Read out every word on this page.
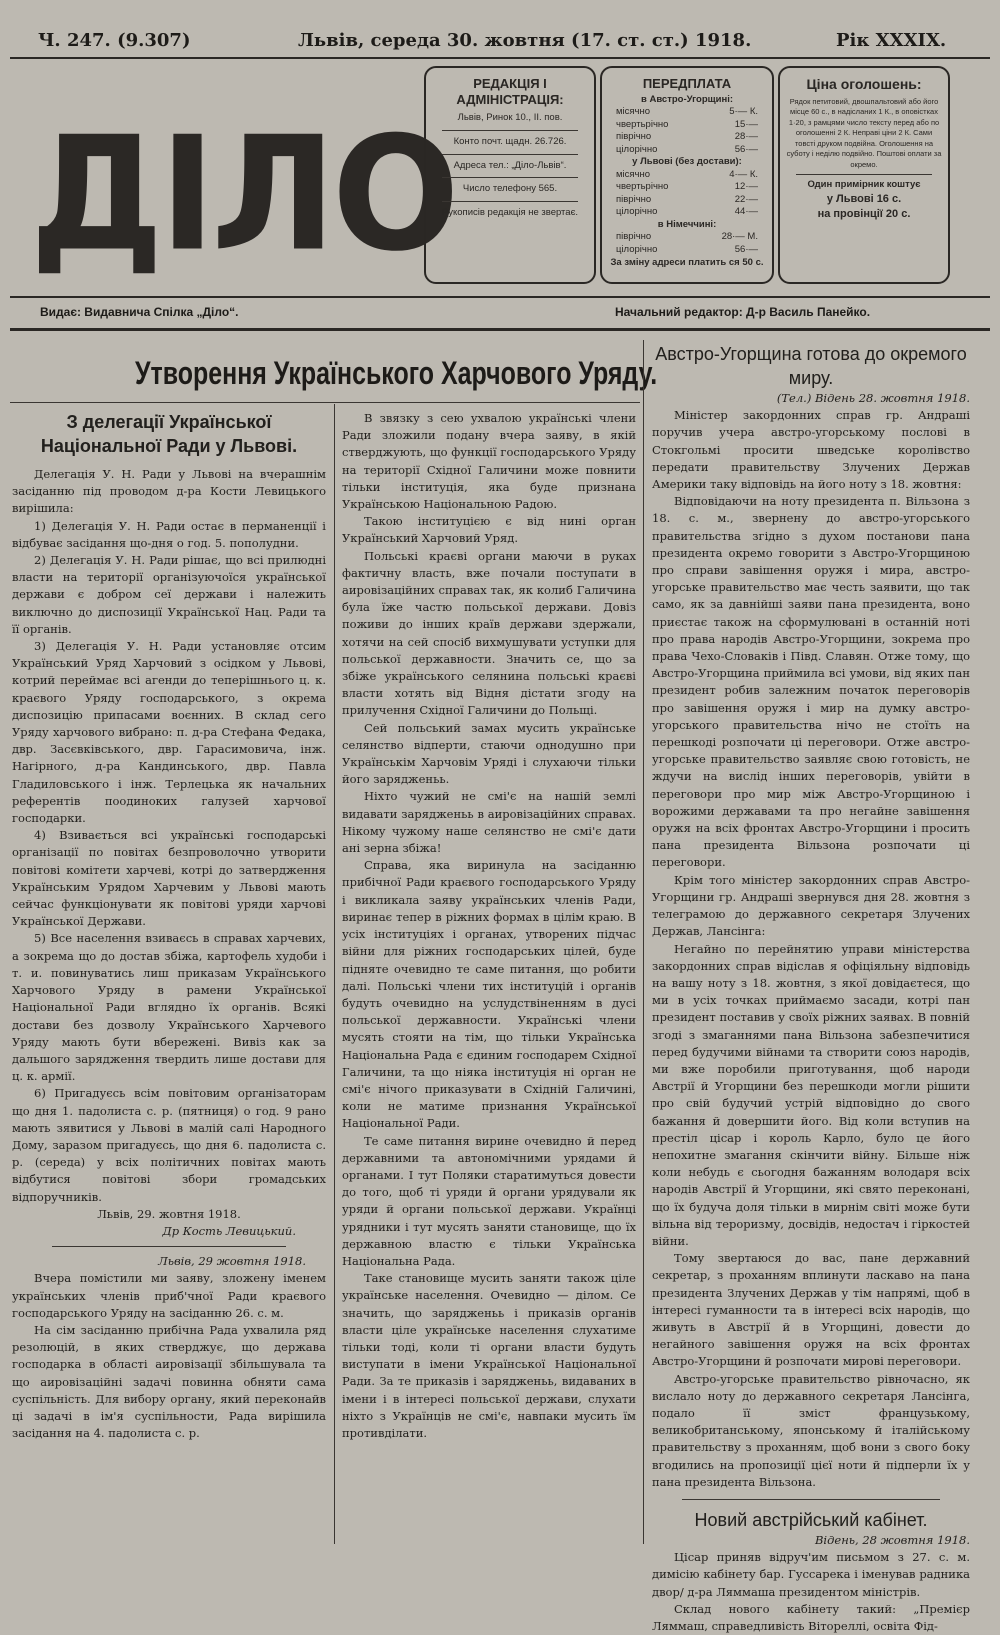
Ч. 247. (9.307)	Львів, середа 30. жовтня (17. ст. ст.) 1918.	Рік XXXIX.
ДІЛО
РЕДАКЦІЯ І АДМІНІСТРАЦІЯ:
Львів, Ринок 10., II. пов.
Конто почт. щадн. 26.726.
Адреса тел.: „Діло-Львів“.
Число телефону 565.
Рукописів редакція не звертає.
ПЕРЕДПЛАТА
в Австро-Угорщині:
місячно	5·— К.
чвертьрічно	15·—
піврічно	28·—
цілорічно	56·—
у Львові (без достави):
місячно	4·— К.
чвертьрічно	12·—
піврічно	22·—
цілорічно	44·—
в Німеччині:
піврічно	28·— М.
цілорічно	56·—
За зміну адреси платить ся 50 с.
Ціна оголошень:
Рядок петитовий, двошпальтовий або його місце 60 с., в надісланих 1 К., в оповістках 1·20, з рамцями число тексту перед або по оголошенні 2 К. Неправі ціни 2 К. Сами товсті друком подвійна. Оголошення на суботу і неділю подвійно. Поштові оплати за окремо.
Один примірник коштує
у Львові 16 с.
на провінції 20 с.
Видає: Видавнича Спілка „Діло“.	Начальний редактор: Д-р Василь Панейко.
Утворення Українського Харчового Уряду.
З делегації Української Національної Ради у Львові.

Делегація У. Н. Ради у Львові на вчерашнім засіданню під проводом д-ра Кости Левицького вирішила:

1) Делегація У. Н. Ради остає в перманенції і відбуває засідання що-дня о год. 5. пополудни.

2) Делегація У. Н. Ради рішає, що всі прилюдні власти на території організуючоїся української держави є добром сеї держави і належить виключно до диспозиції Української Нац. Ради та її органів.

3) Делегація У. Н. Ради установляє отсим Український Уряд Харчовий з осідком у Львові, котрий переймає всі агенди до теперішнього ц. к. краєвого Уряду господарського, з окрема диспозицію припасами воєнних. В склад сего Уряду харчового вибрано: п. д-ра Стефана Федака, двр. Засєвківського, двр. Гарасимовича, інж. Нагірного, д-ра Кандинського, двр. Павла Гладиловського і інж. Терлецька як начальних референтів поодиноких галузей харчової господарки.

4) Взивається всі українські господарські організації по повітах безпроволочно утворити повітові комітети харчеві, котрі до затвердження Українським Урядом Харчевим у Львові мають сейчас функціонувати як повітові уряди харчові Української Держави.

5) Все населення взиваєсь в справах харчевих, а зокрема що до достав збіжа, картофель худоби і т. и. повинуватись лиш приказам Українського Харчового Уряду в рамени Української Національної Ради вглядно їх органів. Всякі достави без дозволу Українського Харчевого Уряду мають бути вбережені. Вивіз как за дальшого зарядження твердить лише достави для ц. к. армії.

6) Пригадуєсь всім повітовим організаторам що дня 1. падолиста с. р. (пятниця) о год. 9 рано мають зявитися у Львові в малій салі Народного Дому, заразом пригадуєсь, що дня 6. падолиста с. р. (середа) у всіх політичних повітах мають відбутися повітові збори громадських відпоручників.

Львів, 29. жовтня 1918.

Др Кость Левицький.

Львів, 29 жовтня 1918.

Вчера помістили ми заяву, зложену іменем українських членів приб'чної Ради краєвого господарського Уряду на засіданню 26. с. м.

На сім засіданню прибічна Рада ухвалила ряд резолюцій, в яких стверджує, що держава господарка в області аировізації збільшувала та що аировізаційні задачі повинна обняти сама суспільність. Для вибору органу, який переконайв ці задачі в ім'я суспільности, Рада вирішила засідання на 4. падолиста с. р.

В звязку з сею ухвалою українські члени Ради зложили подану вчера заяву, в якій стверджують, що функції господарського Уряду на території Східної Галичини може повнити тільки інституція, яка буде признана Українською Національною Радою.

Такою інституцією є від нині орган Український Харчовий Уряд.

Польські краєві органи маючи в руках фактичну власть, вже почали поступати в аировізаційних справах так, як колиб Галичина була їже частю польської держави. Довіз поживи до інших країв держави здержали, хотячи на сей спосіб вихмушувати уступки для польської державности. Значить се, що за збіже українського селянина польські краєві власти хотять від Відня дістати згоду на прилучення Східної Галичини до Польщі.

Сей польський замах мусить українське селянство відперти, стаючи однодушно при Українськім Харчовім Уряді і слухаючи тільки його зарядженьь.

Ніхто чужий не смі'є на нашій землі видавати зарядженьь в аировізаційних справах. Нікому чужому наше селянство не смі'є дати ані зерна збіжа!

Справа, яка виринула на засіданню прибічної Ради краєвого господарського Уряду і викликала заяву українських членів Ради, виринає тепер в ріжних формах в цілім краю. В усіх інституціях і органах, утворених підчас війни для ріжних господарських цілей, буде підняте очевидно те саме питання, що робити далі. Польські члени тих інституцій і органів будуть очевидно на услудствіненням в дусі польської державности. Українські члени мусять стояти на тім, що тільки Українська Національна Рада є єдиним господарем Східної Галичини, та що ніяка інституція ні орган не смі'є нічого приказувати в Східній Галичині, коли не матиме признання Української Національної Ради.

Те саме питання вирине очевидно й перед державними та автономічними урядами й органами. І тут Поляки старатимуться довести до того, щоб ті уряди й органи урядували як уряди й органи польської держави. Українці урядники і тут мусять заняти становище, що їх державною властю є тільки Українська Національна Рада.

Таке становище мусить заняти також ціле українське населення. Очевидно — ділом. Се значить, що зарядженьь і приказів органів власти ціле українське населення слухатиме тільки тоді, коли ті органи власти будуть виступати в імени Української Національної Ради. За те приказів і зарядженьь, видаваних в імени і в інтересі польської держави, слухати ніхто з Українців не смі'є, навпаки мусить їм противділати.

Австро-Угорщина готова до окремого миру.

(Тел.) Відень 28. жовтня 1918.

Міністер закордонних справ гр. Андраші поручив учера австро-угорському послові в Стокгольмі просити шведське королівство передати правительству Злучених Держав Америки таку відповідь на його ноту з 18. жовтня:

Відповідаючи на ноту президента п. Вільзона з 18. с. м., звернену до австро-угорського правительства згідно з духом постанови пана президента окремо говорити з Австро-Угорщиною про справи завішення оружя і мира, австро-угорське правительство має честь заявити, що так само, як за давнійші заяви пана президента, воно приєстає також на сформулювані в останній ноті про права народів Австро-Угорщини, зокрема про права Чехо-Словаків і Півд. Славян. Отже тому, що Австро-Угорщина приймила всі умови, від яких пан президент робив залежним початок переговорів про завішення оружя і мир на думку австро-угорського правительства нічо не стоїть на перешкоді розпочати ці переговори. Отже австро-угорське правительство заявляє свою готовість, не ждучи на вислід інших переговорів, увійти в переговори про мир між Австро-Угорщиною і ворожими державами та про негайне завішення оружя на всіх фронтах Австро-Угорщини і просить пана президента Вільзона розпочати ці переговори.

Крім того міністер закордонних справ Австро-Угорщини гр. Андраші звернувся дня 28. жовтня з телеграмою до державного секретаря Злучених Держав, Лансінга:

Негайно по перейнятию управи міністерства закордонних справ відіслав я офіціяльну відповідь на вашу ноту з 18. жовтня, з якої довідаєтеся, що ми в усіх точках приймаємо засади, котрі пан президент поставив у своїх ріжних заявах. В повній згоді з змаганнями пана Вільзона забезпечитися перед будучими війнами та створити союз народів, ми вже поробили приготування, щоб народи Австрії й Угорщини без перешкоди могли рішити про свій будучий устрій відповідно до свого бажання й довершити його. Від коли вступив на престіл цісар і король Карло, було це його непохитне змагання скінчити війну. Більше ніж коли небудь є сьогодня бажанням володаря всіх народів Австрії й Угорщини, які свято переконані, що їх будуча доля тільки в мирнім світі може бути вільна від тероризму, досвідів, недостач і гіркостей війни.

Тому звертаюся до вас, пане державний секретар, з проханням вплинути ласкаво на пана президента Злучених Держав у тім напрямі, щоб в інтересі гуманности та в інтересі всіх народів, що живуть в Австрії й в Угорщині, довести до негайного завішення оружя на всіх фронтах Австро-Угорщини й розпочати мирові переговори.

Австро-угорське правительство рівночасно, як вислало ноту до державного секретаря Лансінга, подало її зміст французькому, великобританському, японському й італійському правительству з проханням, щоб вони з свого боку вгодились на пропозиції цієї ноти й підперли їх у пана президента Вільзона.

Новий австрійський кабінет.

Відень, 28 жовтня 1918.

Цісар приняв відруч'им письмом з 27. с. м. димісію кабінету бар. Гуссарека і іменував радника двор/ д-ра Ляммаша президентом міністрів.

Склад нового кабінету такий: „Премієр Ляммаш, справедливість Вітореллі, освіта Фід-
